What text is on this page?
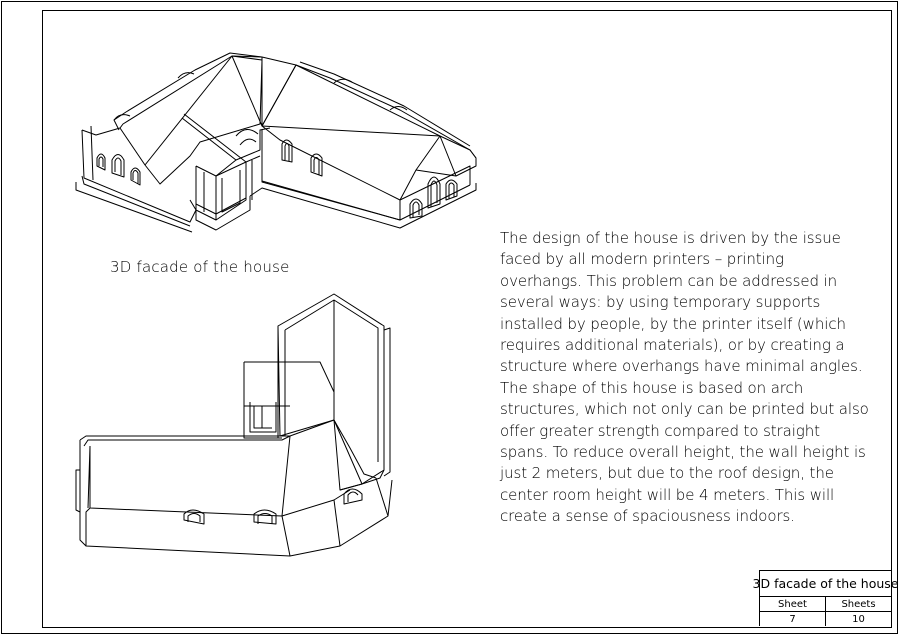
3D facade of the house
The design of the house is driven by the issue faced by all modern printers – printing overhangs. This problem can be addressed in several ways: by using temporary supports installed by people, by the printer itself (which requires additional materials), or by creating a structure where overhangs have minimal angles. The shape of this house is based on arch structures, which not only can be printed but also offer greater strength compared to straight spans. To reduce overall height, the wall height is just 2 meters, but due to the roof design, the center room height will be 4 meters. This will create a sense of spaciousness indoors.
3D facade of the house
Sheet	Sheets
7	10
